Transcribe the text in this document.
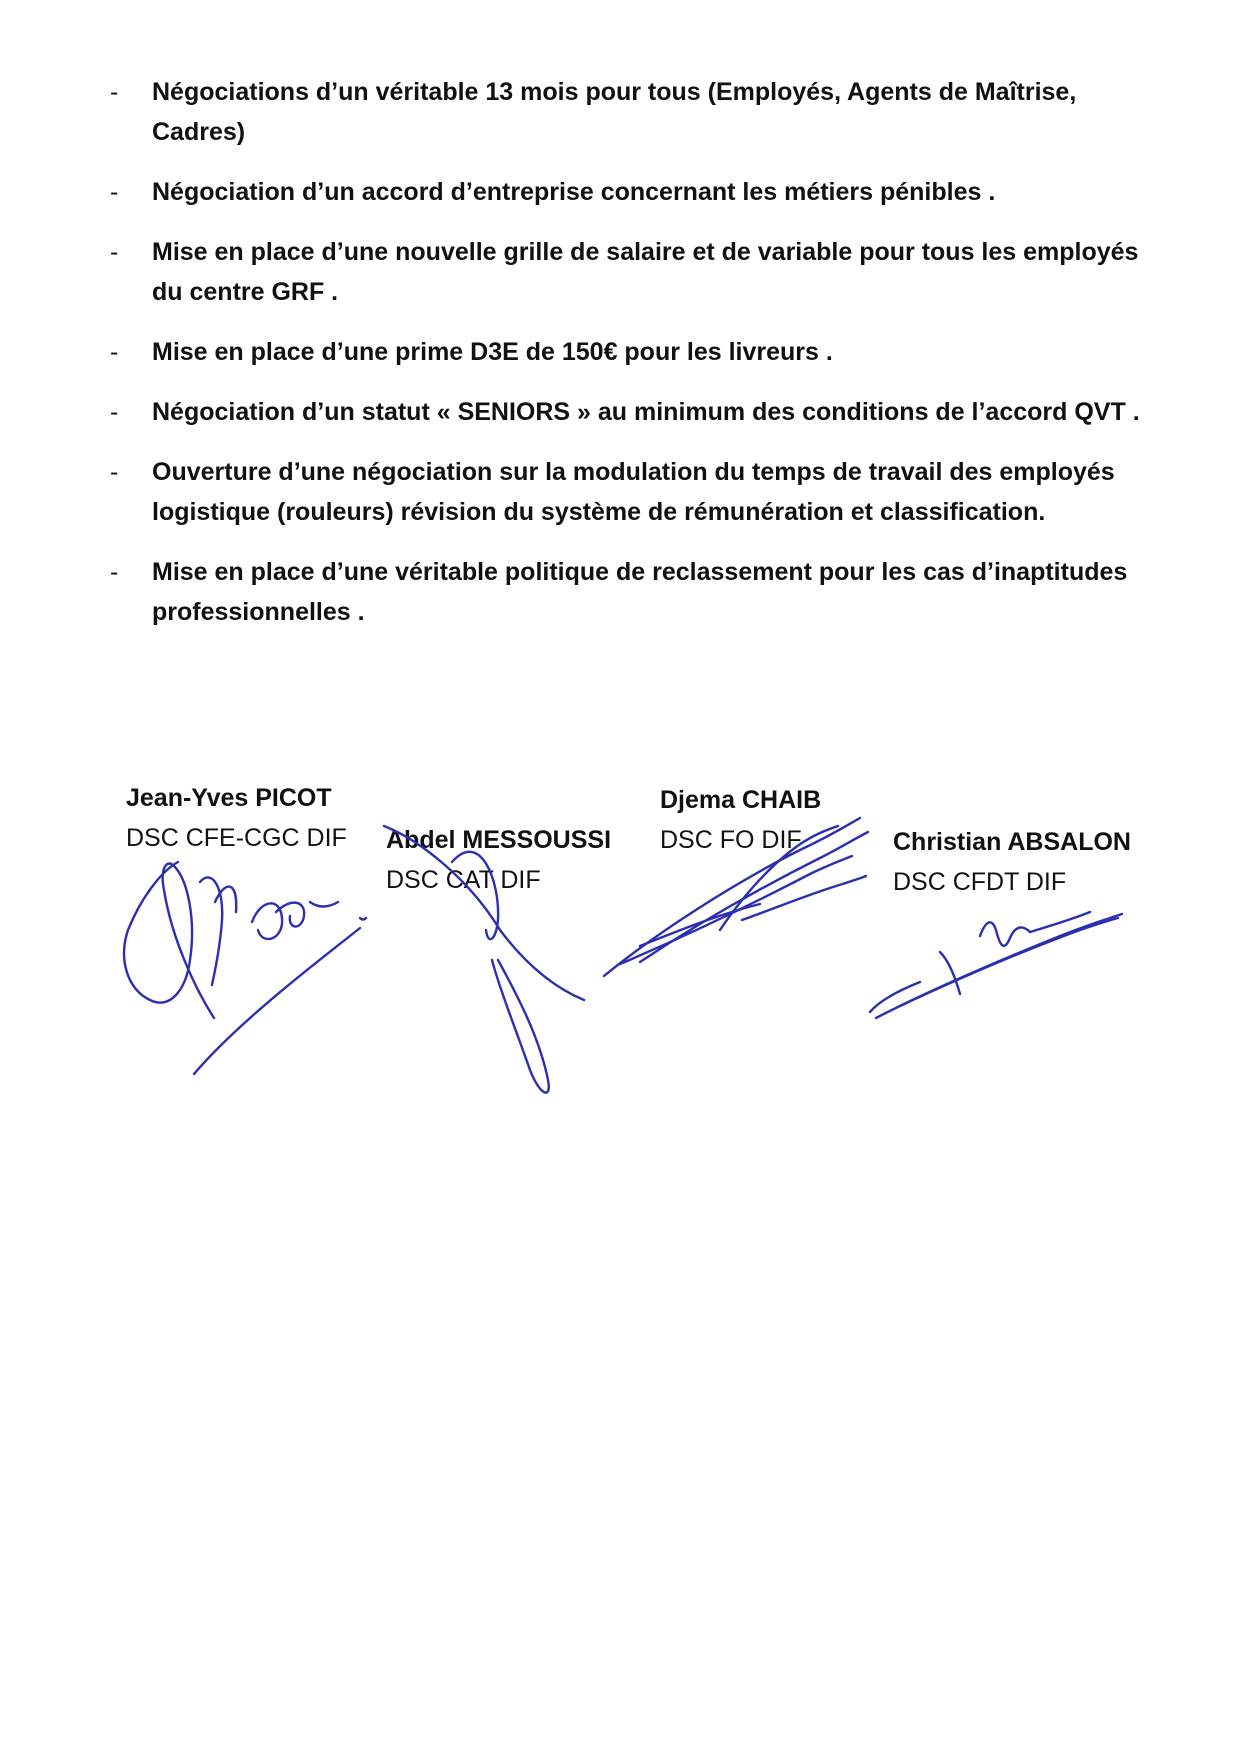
- Négociations d’un véritable 13 mois pour tous (Employés, Agents de Maîtrise, Cadres)
- Négociation d’un accord d’entreprise concernant les métiers pénibles .
- Mise en place d’une nouvelle grille de salaire et de variable pour tous les employés du centre GRF .
- Mise en place d’une prime D3E de 150€ pour les livreurs .
- Négociation d’un statut « SENIORS » au minimum des conditions de l’accord QVT .
- Ouverture d’une négociation sur la modulation du temps de travail des employés logistique (rouleurs) révision du système de rémunération et classification.
- Mise en place d’une véritable politique de reclassement pour les cas d’inaptitudes professionnelles .
Jean-Yves PICOT
DSC CFE-CGC DIF Abdel MESSOUSSI
DSC CAT DIF
Djema CHAIB
DSC FO DIF	Christian ABSALON
DSC CFDT DIF
